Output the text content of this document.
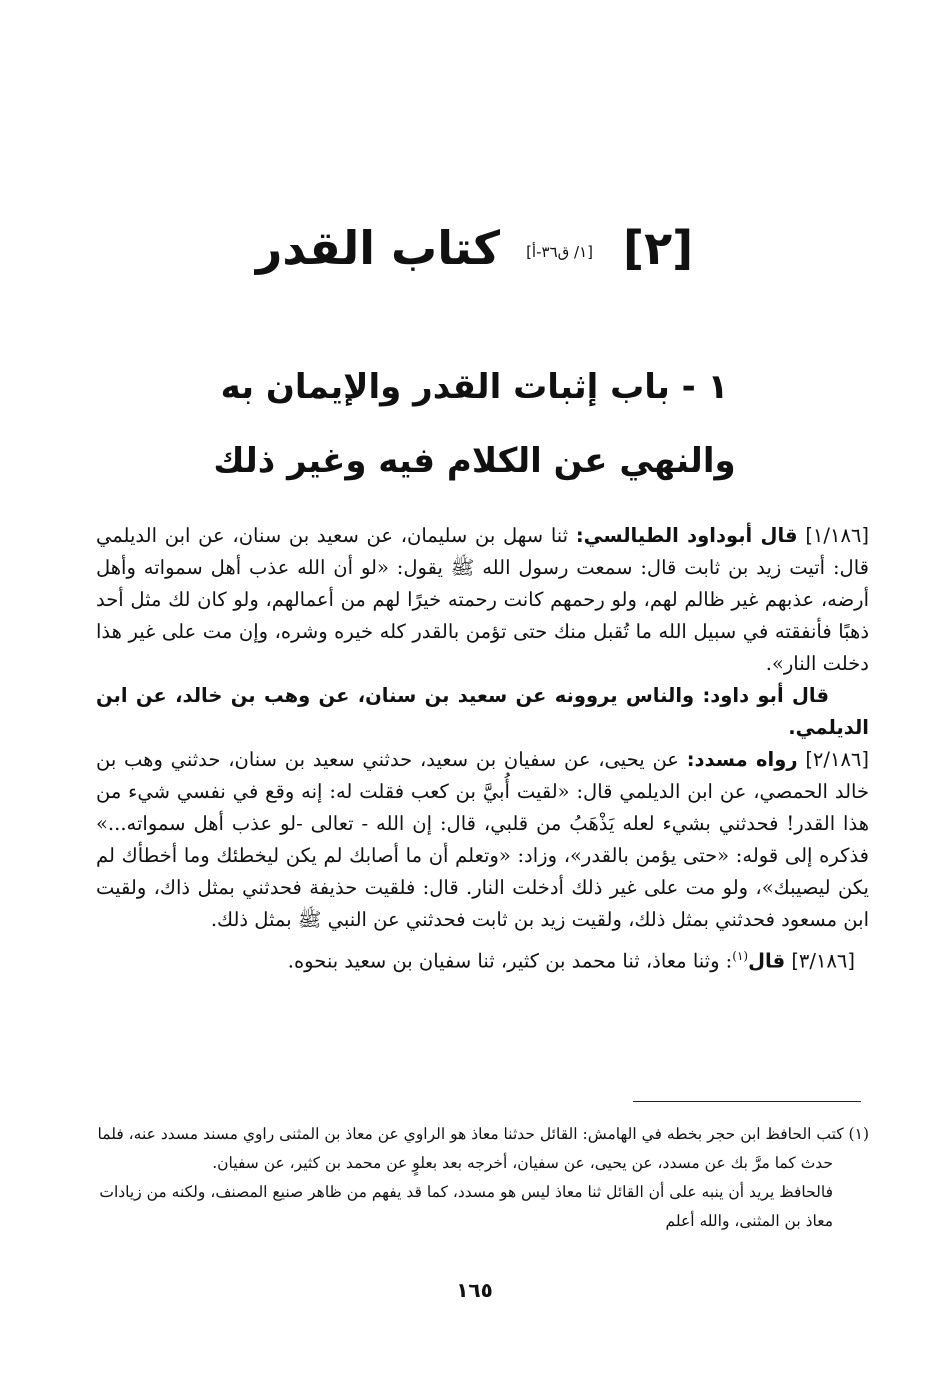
[٢] [١/ ق٣٦-أ] كتاب القدر
١ - باب إثبات القدر والإيمان به
والنهي عن الكلام فيه وغير ذلك

[١/١٨٦] قال أبوداود الطيالسي: ثنا سهل بن سليمان، عن سعيد بن سنان، عن ابن الديلمي قال: أتيت زيد بن ثابت قال: سمعت رسول الله ﷺ يقول: «لو أن الله عذب أهل سمواته وأهل أرضه، عذبهم غير ظالم لهم، ولو رحمهم كانت رحمته خيرًا لهم من أعمالهم، ولو كان لك مثل أحد ذهبًا فأنفقته في سبيل الله ما تُقبل منك حتى تؤمن بالقدر كله خيره وشره، وإن مت على غير هذا دخلت النار».

قال أبو داود: والناس يروونه عن سعيد بن سنان، عن وهب بن خالد، عن ابن الديلمي.

[٢/١٨٦] رواه مسدد: عن يحيى، عن سفيان بن سعيد، حدثني سعيد بن سنان، حدثني وهب بن خالد الحمصي، عن ابن الديلمي قال: «لقيت أُبيَّ بن كعب فقلت له: إنه وقع في نفسي شيء من هذا القدر! فحدثني بشيء لعله يَذْهَبُ من قلبي، قال: إن الله - تعالى -لو عذب أهل سمواته...» فذكره إلى قوله: «حتى يؤمن بالقدر»، وزاد: «وتعلم أن ما أصابك لم يكن ليخطئك وما أخطأك لم يكن ليصيبك»، ولو مت على غير ذلك أدخلت النار. قال: فلقيت حذيفة فحدثني بمثل ذاك، ولقيت ابن مسعود فحدثني بمثل ذلك، ولقيت زيد بن ثابت فحدثني عن النبي ﷺ بمثل ذلك.

[٣/١٨٦] قال$^{(١)}$: وثنا معاذ، ثنا محمد بن كثير، ثنا سفيان بن سعيد بنحوه.

(١) كتب الحافظ ابن حجر بخطه في الهامش: القائل حدثنا معاذ هو الراوي عن معاذ بن المثنى راوي مسند مسدد عنه، فلما حدث كما مرَّ بك عن مسدد، عن يحيى، عن سفيان، أخرجه بعد بعلوٍ عن محمد بن كثير، عن سفيان.

فالحافظ يريد أن ينبه على أن القائل ثنا معاذ ليس هو مسدد، كما قد يفهم من ظاهر صنيع المصنف، ولكنه من زيادات معاذ بن المثنى، والله أعلم

١٦٥
